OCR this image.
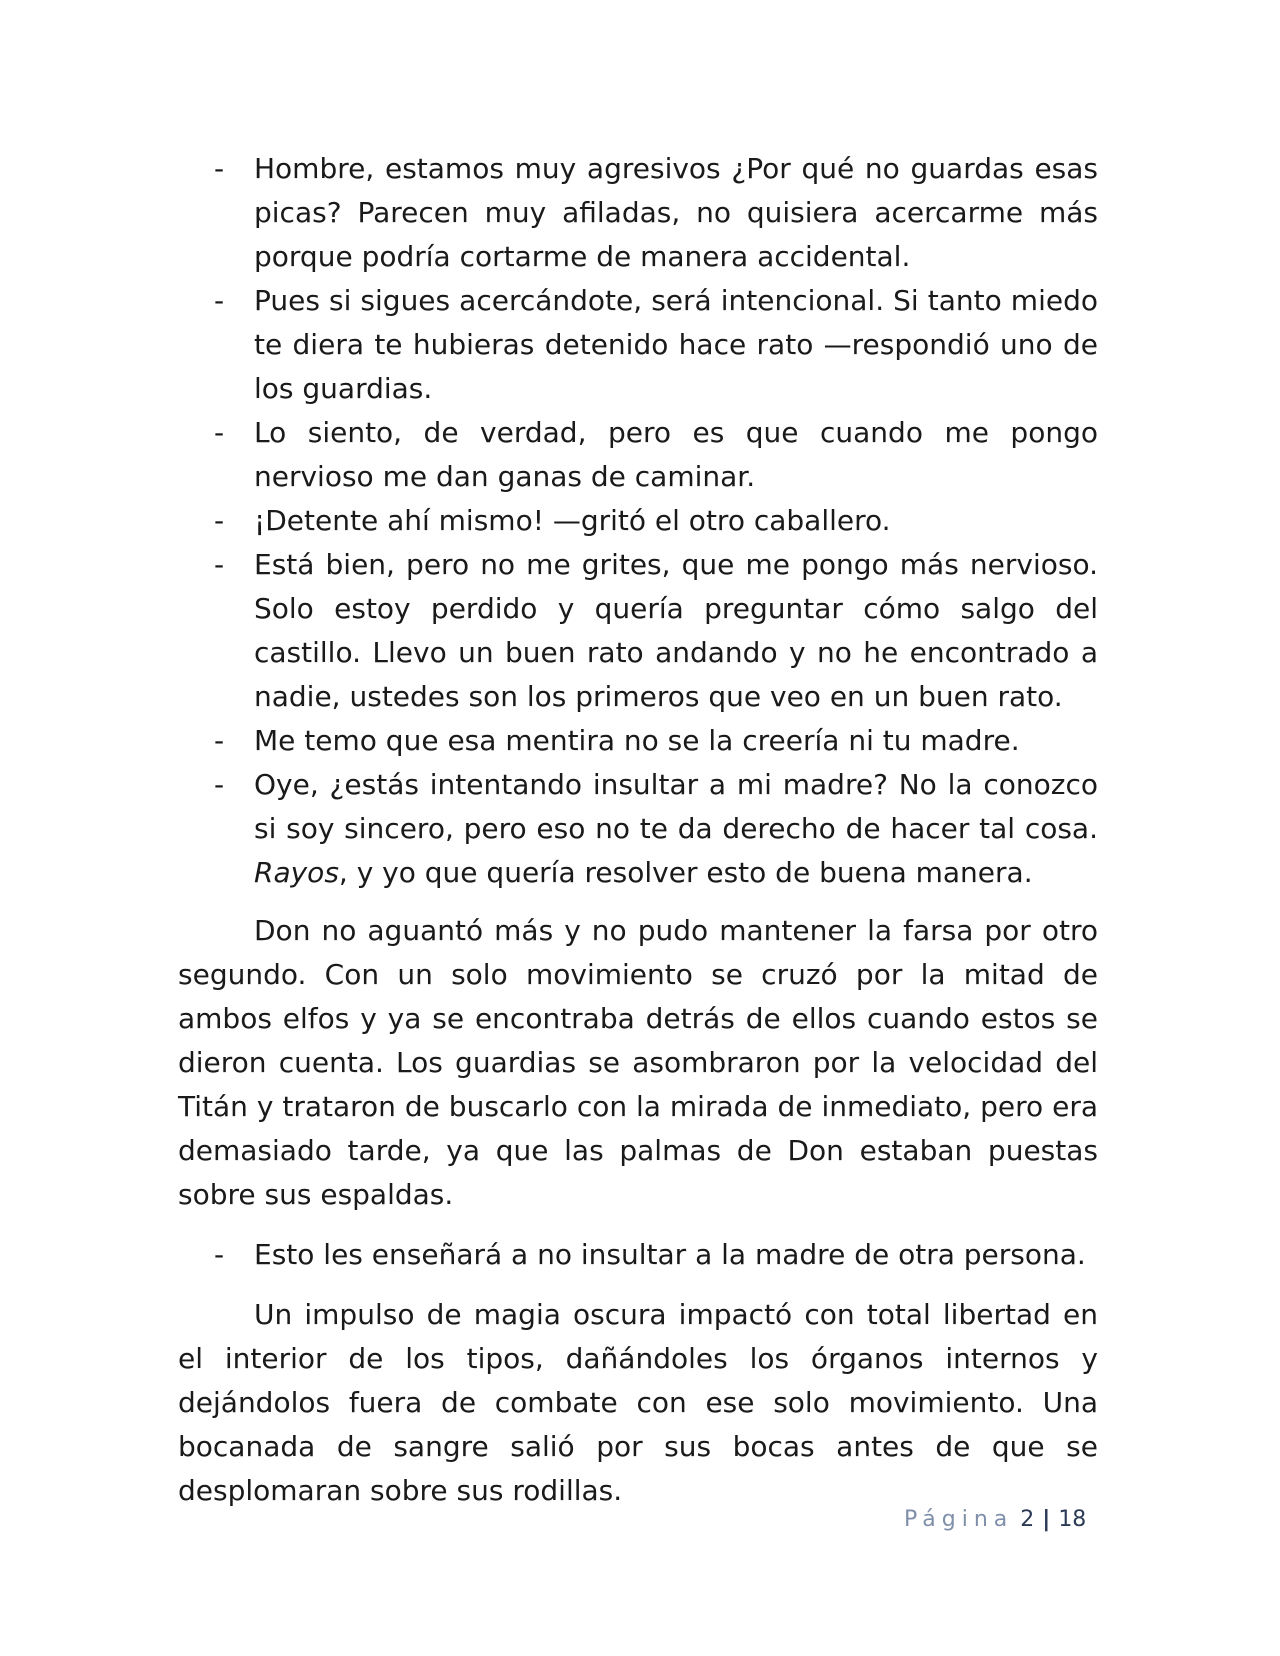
- Hombre, estamos muy agresivos ¿Por qué no guardas esas picas? Parecen muy afiladas, no quisiera acercarme más porque podría cortarme de manera accidental.
- Pues si sigues acercándote, será intencional. Si tanto miedo te diera te hubieras detenido hace rato —respondió uno de los guardias.
- Lo siento, de verdad, pero es que cuando me pongo nervioso me dan ganas de caminar.
- ¡Detente ahí mismo! —gritó el otro caballero.
- Está bien, pero no me grites, que me pongo más nervioso. Solo estoy perdido y quería preguntar cómo salgo del castillo. Llevo un buen rato andando y no he encontrado a nadie, ustedes son los primeros que veo en un buen rato.
- Me temo que esa mentira no se la creería ni tu madre.
- Oye, ¿estás intentando insultar a mi madre? No la conozco si soy sincero, pero eso no te da derecho de hacer tal cosa. Rayos, y yo que quería resolver esto de buena manera.

Don no aguantó más y no pudo mantener la farsa por otro segundo. Con un solo movimiento se cruzó por la mitad de ambos elfos y ya se encontraba detrás de ellos cuando estos se dieron cuenta. Los guardias se asombraron por la velocidad del Titán y trataron de buscarlo con la mirada de inmediato, pero era demasiado tarde, ya que las palmas de Don estaban puestas sobre sus espaldas.

- Esto les enseñará a no insultar a la madre de otra persona.

Un impulso de magia oscura impactó con total libertad en el interior de los tipos, dañándoles los órganos internos y dejándolos fuera de combate con ese solo movimiento. Una bocanada de sangre salió por sus bocas antes de que se desplomaran sobre sus rodillas.

Página 2 | 18
